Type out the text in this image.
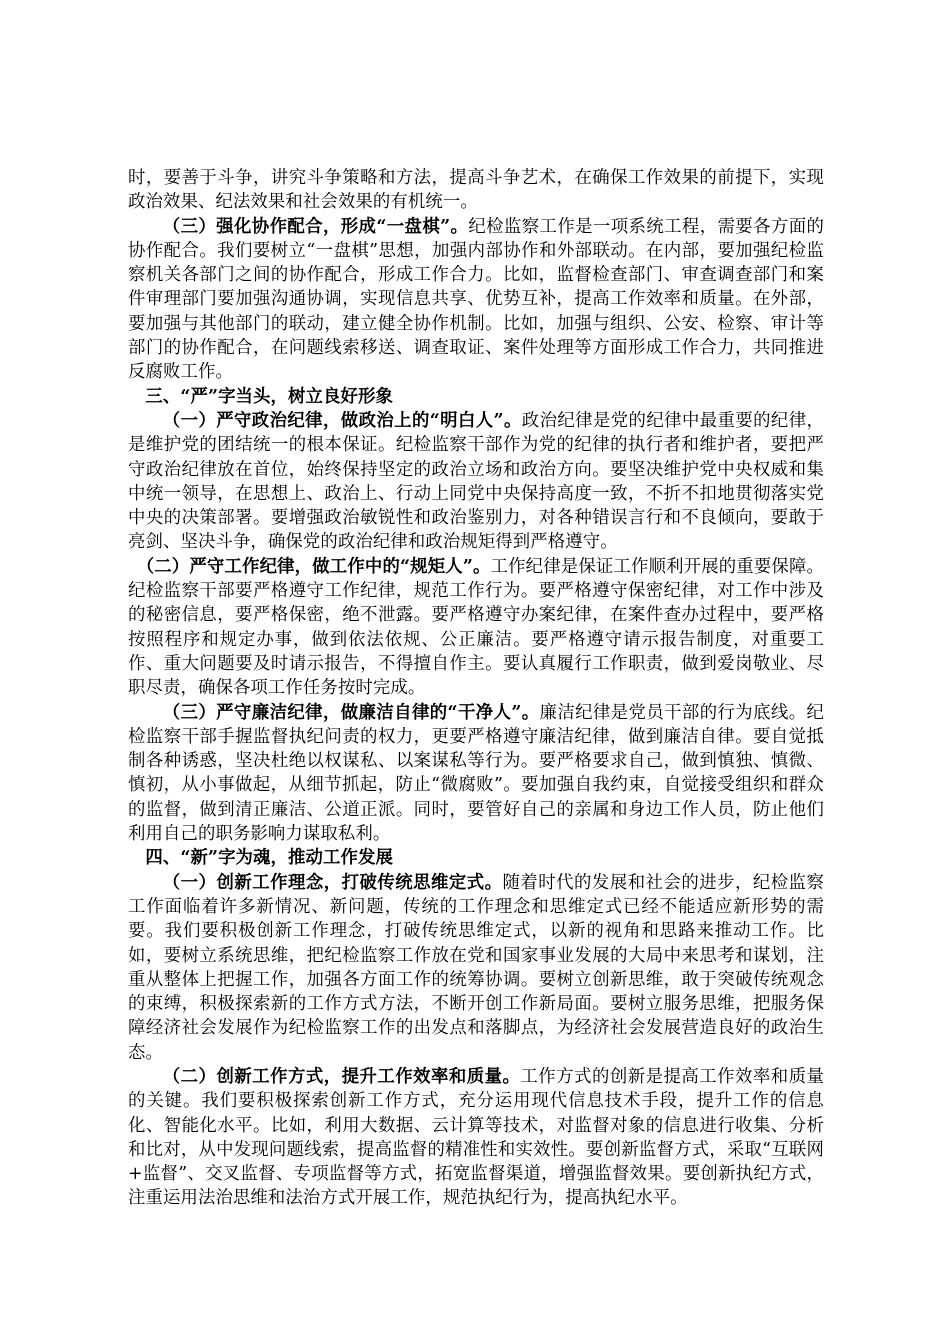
时，要善于斗争，讲究斗争策略和方法，提高斗争艺术，在确保工作效果的前提下，实现政治效果、纪法效果和社会效果的有机统一。

（三）强化协作配合，形成“一盘棋”。纪检监察工作是一项系统工程，需要各方面的协作配合。我们要树立“一盘棋”思想，加强内部协作和外部联动。在内部，要加强纪检监察机关各部门之间的协作配合，形成工作合力。比如，监督检查部门、审查调查部门和案件审理部门要加强沟通协调，实现信息共享、优势互补，提高工作效率和质量。在外部，要加强与其他部门的联动，建立健全协作机制。比如，加强与组织、公安、检察、审计等部门的协作配合，在问题线索移送、调查取证、案件处理等方面形成工作合力，共同推进反腐败工作。

三、“严”字当头，树立良好形象

（一）严守政治纪律，做政治上的“明白人”。政治纪律是党的纪律中最重要的纪律，是维护党的团结统一的根本保证。纪检监察干部作为党的纪律的执行者和维护者，要把严守政治纪律放在首位，始终保持坚定的政治立场和政治方向。要坚决维护党中央权威和集中统一领导，在思想上、政治上、行动上同党中央保持高度一致，不折不扣地贯彻落实党中央的决策部署。要增强政治敏锐性和政治鉴别力，对各种错误言行和不良倾向，要敢于亮剑、坚决斗争，确保党的政治纪律和政治规矩得到严格遵守。

（二）严守工作纪律，做工作中的“规矩人”。工作纪律是保证工作顺利开展的重要保障。纪检监察干部要严格遵守工作纪律，规范工作行为。要严格遵守保密纪律，对工作中涉及的秘密信息，要严格保密，绝不泄露。要严格遵守办案纪律，在案件查办过程中，要严格按照程序和规定办事，做到依法依规、公正廉洁。要严格遵守请示报告制度，对重要工作、重大问题要及时请示报告，不得擅自作主。要认真履行工作职责，做到爱岗敬业、尽职尽责，确保各项工作任务按时完成。

（三）严守廉洁纪律，做廉洁自律的“干净人”。廉洁纪律是党员干部的行为底线。纪检监察干部手握监督执纪问责的权力，更要严格遵守廉洁纪律，做到廉洁自律。要自觉抵制各种诱惑，坚决杜绝以权谋私、以案谋私等行为。要严格要求自己，做到慎独、慎微、慎初，从小事做起，从细节抓起，防止“微腐败”。要加强自我约束，自觉接受组织和群众的监督，做到清正廉洁、公道正派。同时，要管好自己的亲属和身边工作人员，防止他们利用自己的职务影响力谋取私利。

四、“新”字为魂，推动工作发展

（一）创新工作理念，打破传统思维定式。随着时代的发展和社会的进步，纪检监察工作面临着许多新情况、新问题，传统的工作理念和思维定式已经不能适应新形势的需要。我们要积极创新工作理念，打破传统思维定式，以新的视角和思路来推动工作。比如，要树立系统思维，把纪检监察工作放在党和国家事业发展的大局中来思考和谋划，注重从整体上把握工作，加强各方面工作的统筹协调。要树立创新思维，敢于突破传统观念的束缚，积极探索新的工作方式方法，不断开创工作新局面。要树立服务思维，把服务保障经济社会发展作为纪检监察工作的出发点和落脚点，为经济社会发展营造良好的政治生态。

（二）创新工作方式，提升工作效率和质量。工作方式的创新是提高工作效率和质量的关键。我们要积极探索创新工作方式，充分运用现代信息技术手段，提升工作的信息化、智能化水平。比如，利用大数据、云计算等技术，对监督对象的信息进行收集、分析和比对，从中发现问题线索，提高监督的精准性和实效性。要创新监督方式，采取“互联网+监督”、交叉监督、专项监督等方式，拓宽监督渠道，增强监督效果。要创新执纪方式，注重运用法治思维和法治方式开展工作，规范执纪行为，提高执纪水平。
